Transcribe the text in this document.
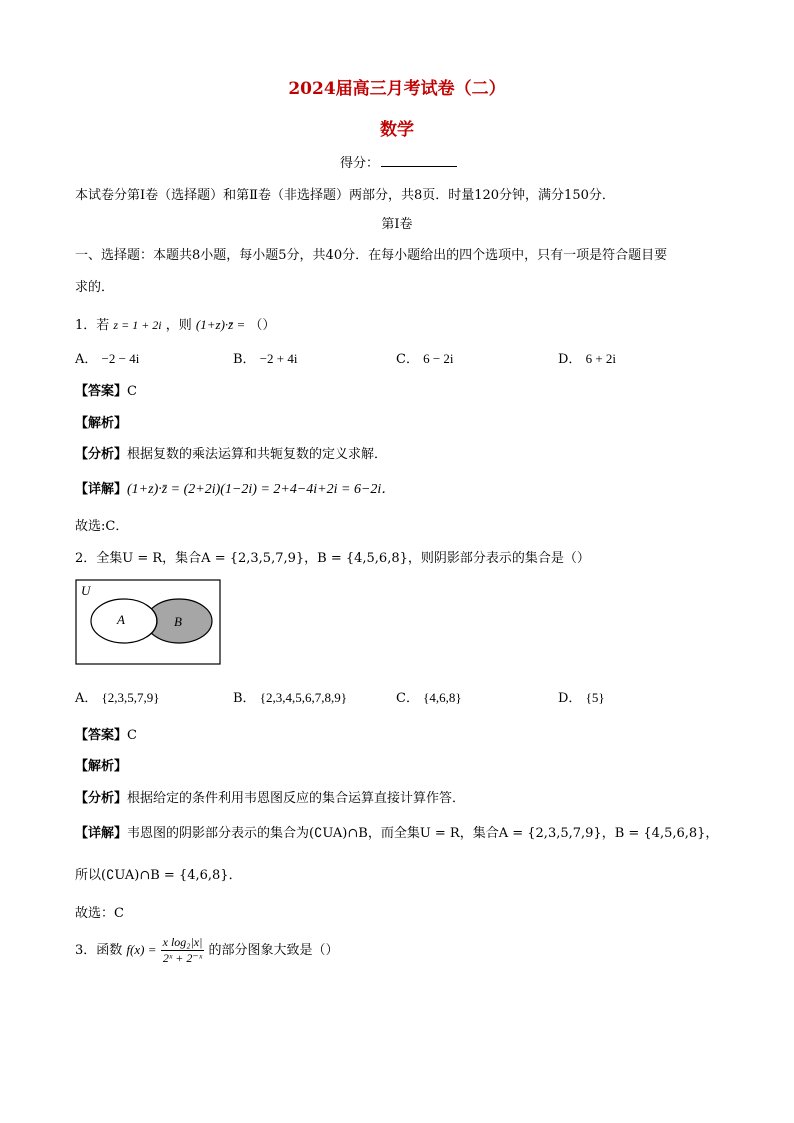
2024届高三月考试卷（二）
数学
得分：
本试卷分第Ⅰ卷（选择题）和第Ⅱ卷（非选择题）两部分，共8页．时量120分钟，满分150分．
第Ⅰ卷
一、选择题：本题共8小题，每小题5分，共40分．在每小题给出的四个选项中，只有一项是符合题目要
求的．
1．若 z = 1 + 2i ，则 (1+z)·z̄ = （）
A． −2 − 4i	B． −2 + 4i	C． 6 − 2i	D． 6 + 2i
【答案】C
【解析】
【分析】根据复数的乘法运算和共轭复数的定义求解．
【详解】(1+z)·z̄ = (2+2i)(1−2i) = 2+4−4i+2i = 6−2i．
故选:C．
2．全集U = R，集合A = {2,3,5,7,9}，B = {4,5,6,8}，则阴影部分表示的集合是（）
U
A	B
A． {2,3,5,7,9}	B． {2,3,4,5,6,7,8,9}	C． {4,6,8}	D． {5}
【答案】C
【解析】
【分析】根据给定的条件利用韦恩图反应的集合运算直接计算作答．
【详解】韦恩图的阴影部分表示的集合为(∁UA)∩B，而全集U = R，集合A = {2,3,5,7,9}，B = {4,5,6,8}，
所以(∁UA)∩B = {4,6,8}．
故选：C
3．函数 $f(x) = \frac{\text{x log₂|x|}}{\text{2ˣ + 2⁻ˣ}}$ 的部分图象大致是（）
